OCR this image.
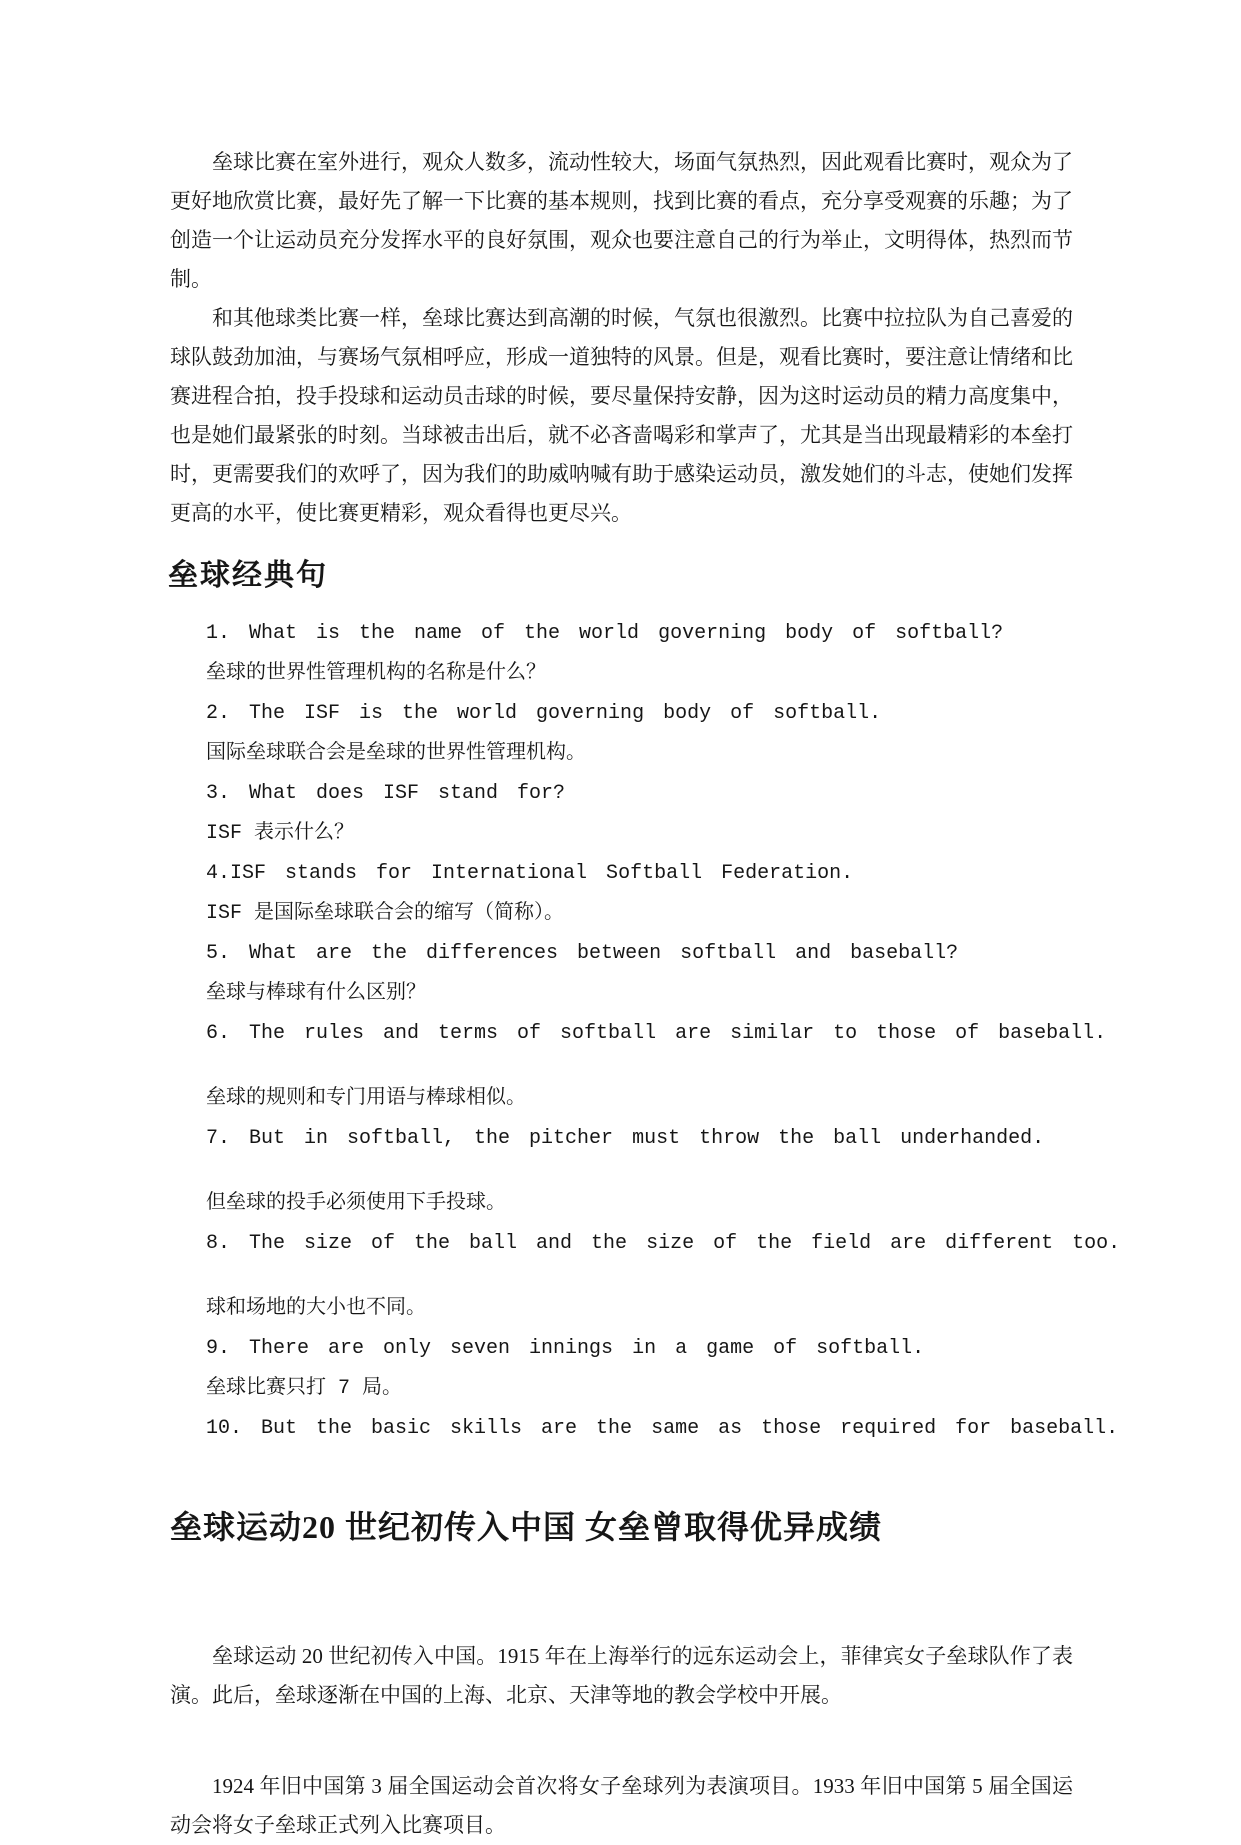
垒球比赛在室外进行，观众人数多，流动性较大，场面气氛热烈，因此观看比赛时，观众为了更好地欣赏比赛，最好先了解一下比赛的基本规则，找到比赛的看点，充分享受观赛的乐趣；为了创造一个让运动员充分发挥水平的良好氛围，观众也要注意自己的行为举止，文明得体，热烈而节制。

和其他球类比赛一样，垒球比赛达到高潮的时候，气氛也很激烈。比赛中拉拉队为自己喜爱的球队鼓劲加油，与赛场气氛相呼应，形成一道独特的风景。但是，观看比赛时，要注意让情绪和比赛进程合拍，投手投球和运动员击球的时候，要尽量保持安静，因为这时运动员的精力高度集中，也是她们最紧张的时刻。当球被击出后，就不必吝啬喝彩和掌声了，尤其是当出现最精彩的本垒打时，更需要我们的欢呼了，因为我们的助威呐喊有助于感染运动员，激发她们的斗志，使她们发挥更高的水平，使比赛更精彩，观众看得也更尽兴。

垒球经典句

1. What is the name of the world governing body of softball?

垒球的世界性管理机构的名称是什么？

2. The ISF is the world governing body of softball.

国际垒球联合会是垒球的世界性管理机构。

3. What does ISF stand for?

ISF 表示什么？

4.ISF stands for International Softball Federation.

ISF 是国际垒球联合会的缩写（简称）。

5. What are the differences between softball and baseball?

垒球与棒球有什么区别？

6. The rules and terms of softball are similar to those of baseball.

垒球的规则和专门用语与棒球相似。

7. But in softball, the pitcher must throw the ball underhanded.

但垒球的投手必须使用下手投球。

8. The size of the ball and the size of the field are different too.

球和场地的大小也不同。

9. There are only seven innings in a game of softball.

垒球比赛只打 7 局。

10. But the basic skills are the same as those required for baseball.

垒球运动20 世纪初传入中国 女垒曾取得优异成绩

垒球运动 20 世纪初传入中国。1915 年在上海举行的远东运动会上，菲律宾女子垒球队作了表演。此后，垒球逐渐在中国的上海、北京、天津等地的教会学校中开展。

1924 年旧中国第 3 届全国运动会首次将女子垒球列为表演项目。1933 年旧中国第 5 届全国运动会将女子垒球正式列入比赛项目。
